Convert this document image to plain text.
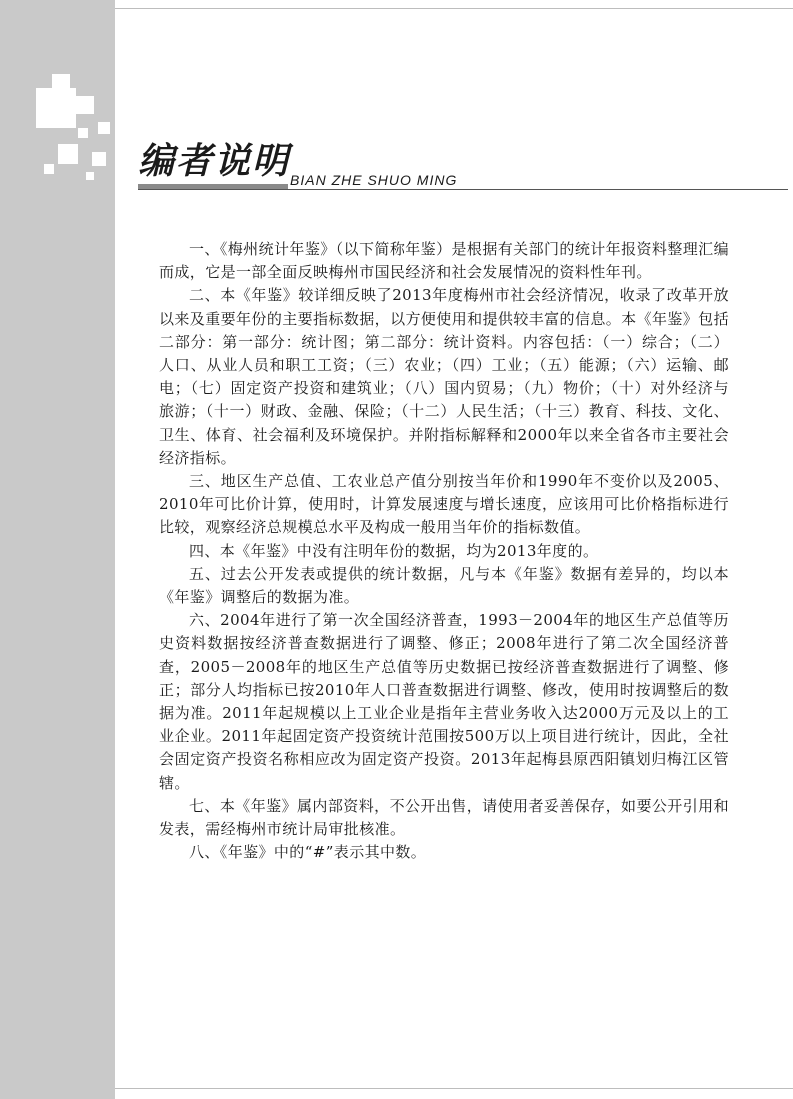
编者说明 BIAN ZHE SHUO MING

一、《梅州统计年鉴》（以下简称年鉴）是根据有关部门的统计年报资料整理汇编而成，它是一部全面反映梅州市国民经济和社会发展情况的资料性年刊。

二、本《年鉴》较详细反映了2013年度梅州市社会经济情况，收录了改革开放以来及重要年份的主要指标数据，以方便使用和提供较丰富的信息。本《年鉴》包括二部分：第一部分：统计图；第二部分：统计资料。内容包括：（一）综合；（二）人口、从业人员和职工工资；（三）农业；（四）工业；（五）能源；（六）运输、邮电；（七）固定资产投资和建筑业；（八）国内贸易；（九）物价；（十）对外经济与旅游；（十一）财政、金融、保险；（十二）人民生活；（十三）教育、科技、文化、卫生、体育、社会福利及环境保护。并附指标解释和2000年以来全省各市主要社会经济指标。

三、地区生产总值、工农业总产值分别按当年价和1990年不变价以及2005、2010年可比价计算，使用时，计算发展速度与增长速度，应该用可比价格指标进行比较，观察经济总规模总水平及构成一般用当年价的指标数值。

四、本《年鉴》中没有注明年份的数据，均为2013年度的。

五、过去公开发表或提供的统计数据，凡与本《年鉴》数据有差异的，均以本《年鉴》调整后的数据为准。

六、2004年进行了第一次全国经济普查，1993－2004年的地区生产总值等历史资料数据按经济普查数据进行了调整、修正；2008年进行了第二次全国经济普查，2005－2008年的地区生产总值等历史数据已按经济普查数据进行了调整、修正；部分人均指标已按2010年人口普查数据进行调整、修改，使用时按调整后的数据为准。2011年起规模以上工业企业是指年主营业务收入达2000万元及以上的工业企业。2011年起固定资产投资统计范围按500万以上项目进行统计，因此，全社会固定资产投资名称相应改为固定资产投资。2013年起梅县原西阳镇划归梅江区管辖。

七、本《年鉴》属内部资料，不公开出售，请使用者妥善保存，如要公开引用和发表，需经梅州市统计局审批核准。

八、《年鉴》中的“#”表示其中数。
